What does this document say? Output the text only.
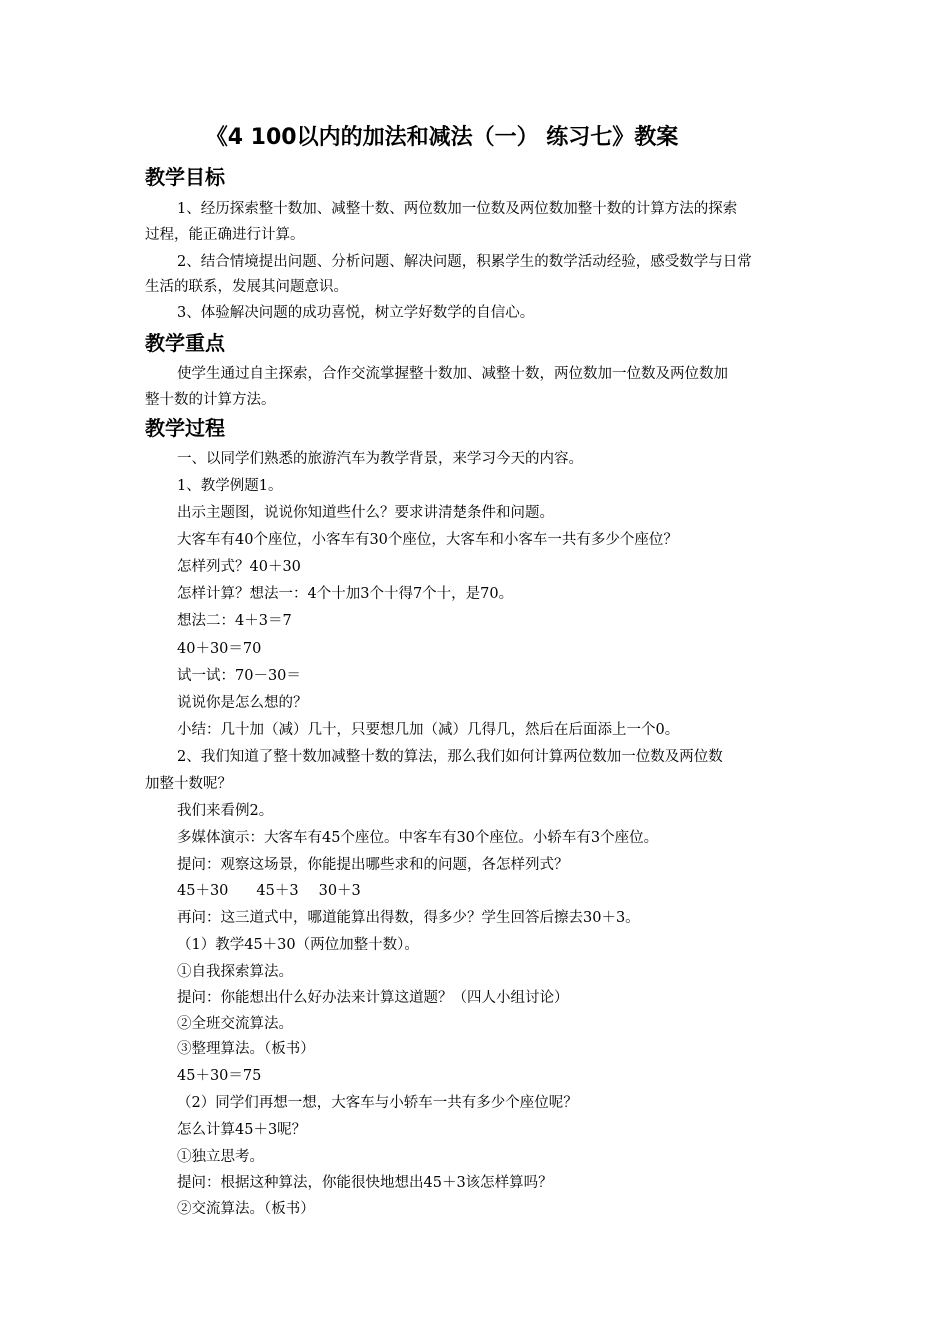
《4 100以内的加法和减法（一） 练习七》教案
教学目标
1、经历探索整十数加、减整十数、两位数加一位数及两位数加整十数的计算方法的探索
过程，能正确进行计算。
2、结合情境提出问题、分析问题、解决问题，积累学生的数学活动经验，感受数学与日常
生活的联系，发展其问题意识。
3、体验解决问题的成功喜悦，树立学好数学的自信心。
教学重点
使学生通过自主探索，合作交流掌握整十数加、减整十数，两位数加一位数及两位数加
整十数的计算方法。
教学过程
一、以同学们熟悉的旅游汽车为教学背景，来学习今天的内容。
1、教学例题1。
出示主题图，说说你知道些什么？要求讲清楚条件和问题。
大客车有40个座位，小客车有30个座位，大客车和小客车一共有多少个座位？
怎样列式？40＋30
怎样计算？想法一：4个十加3个十得7个十，是70。
想法二：4＋3＝7
40＋30＝70
试一试：70－30＝
说说你是怎么想的？
小结：几十加（减）几十，只要想几加（减）几得几，然后在后面添上一个0。
2、我们知道了整十数加减整十数的算法，那么我们如何计算两位数加一位数及两位数
加整十数呢？
我们来看例2。
多媒体演示：大客车有45个座位。中客车有30个座位。小轿车有3个座位。
提问：观察这场景，你能提出哪些求和的问题，各怎样列式？
45＋30 45＋3 30＋3
再问：这三道式中，哪道能算出得数，得多少？学生回答后擦去30＋3。
（1）教学45＋30（两位加整十数）。
①自我探索算法。
提问：你能想出什么好办法来计算这道题？（四人小组讨论）
②全班交流算法。
③整理算法。（板书）
45＋30＝75
（2）同学们再想一想，大客车与小轿车一共有多少个座位呢？
怎么计算45＋3呢？
①独立思考。
提问：根据这种算法，你能很快地想出45＋3该怎样算吗？
②交流算法。（板书）
